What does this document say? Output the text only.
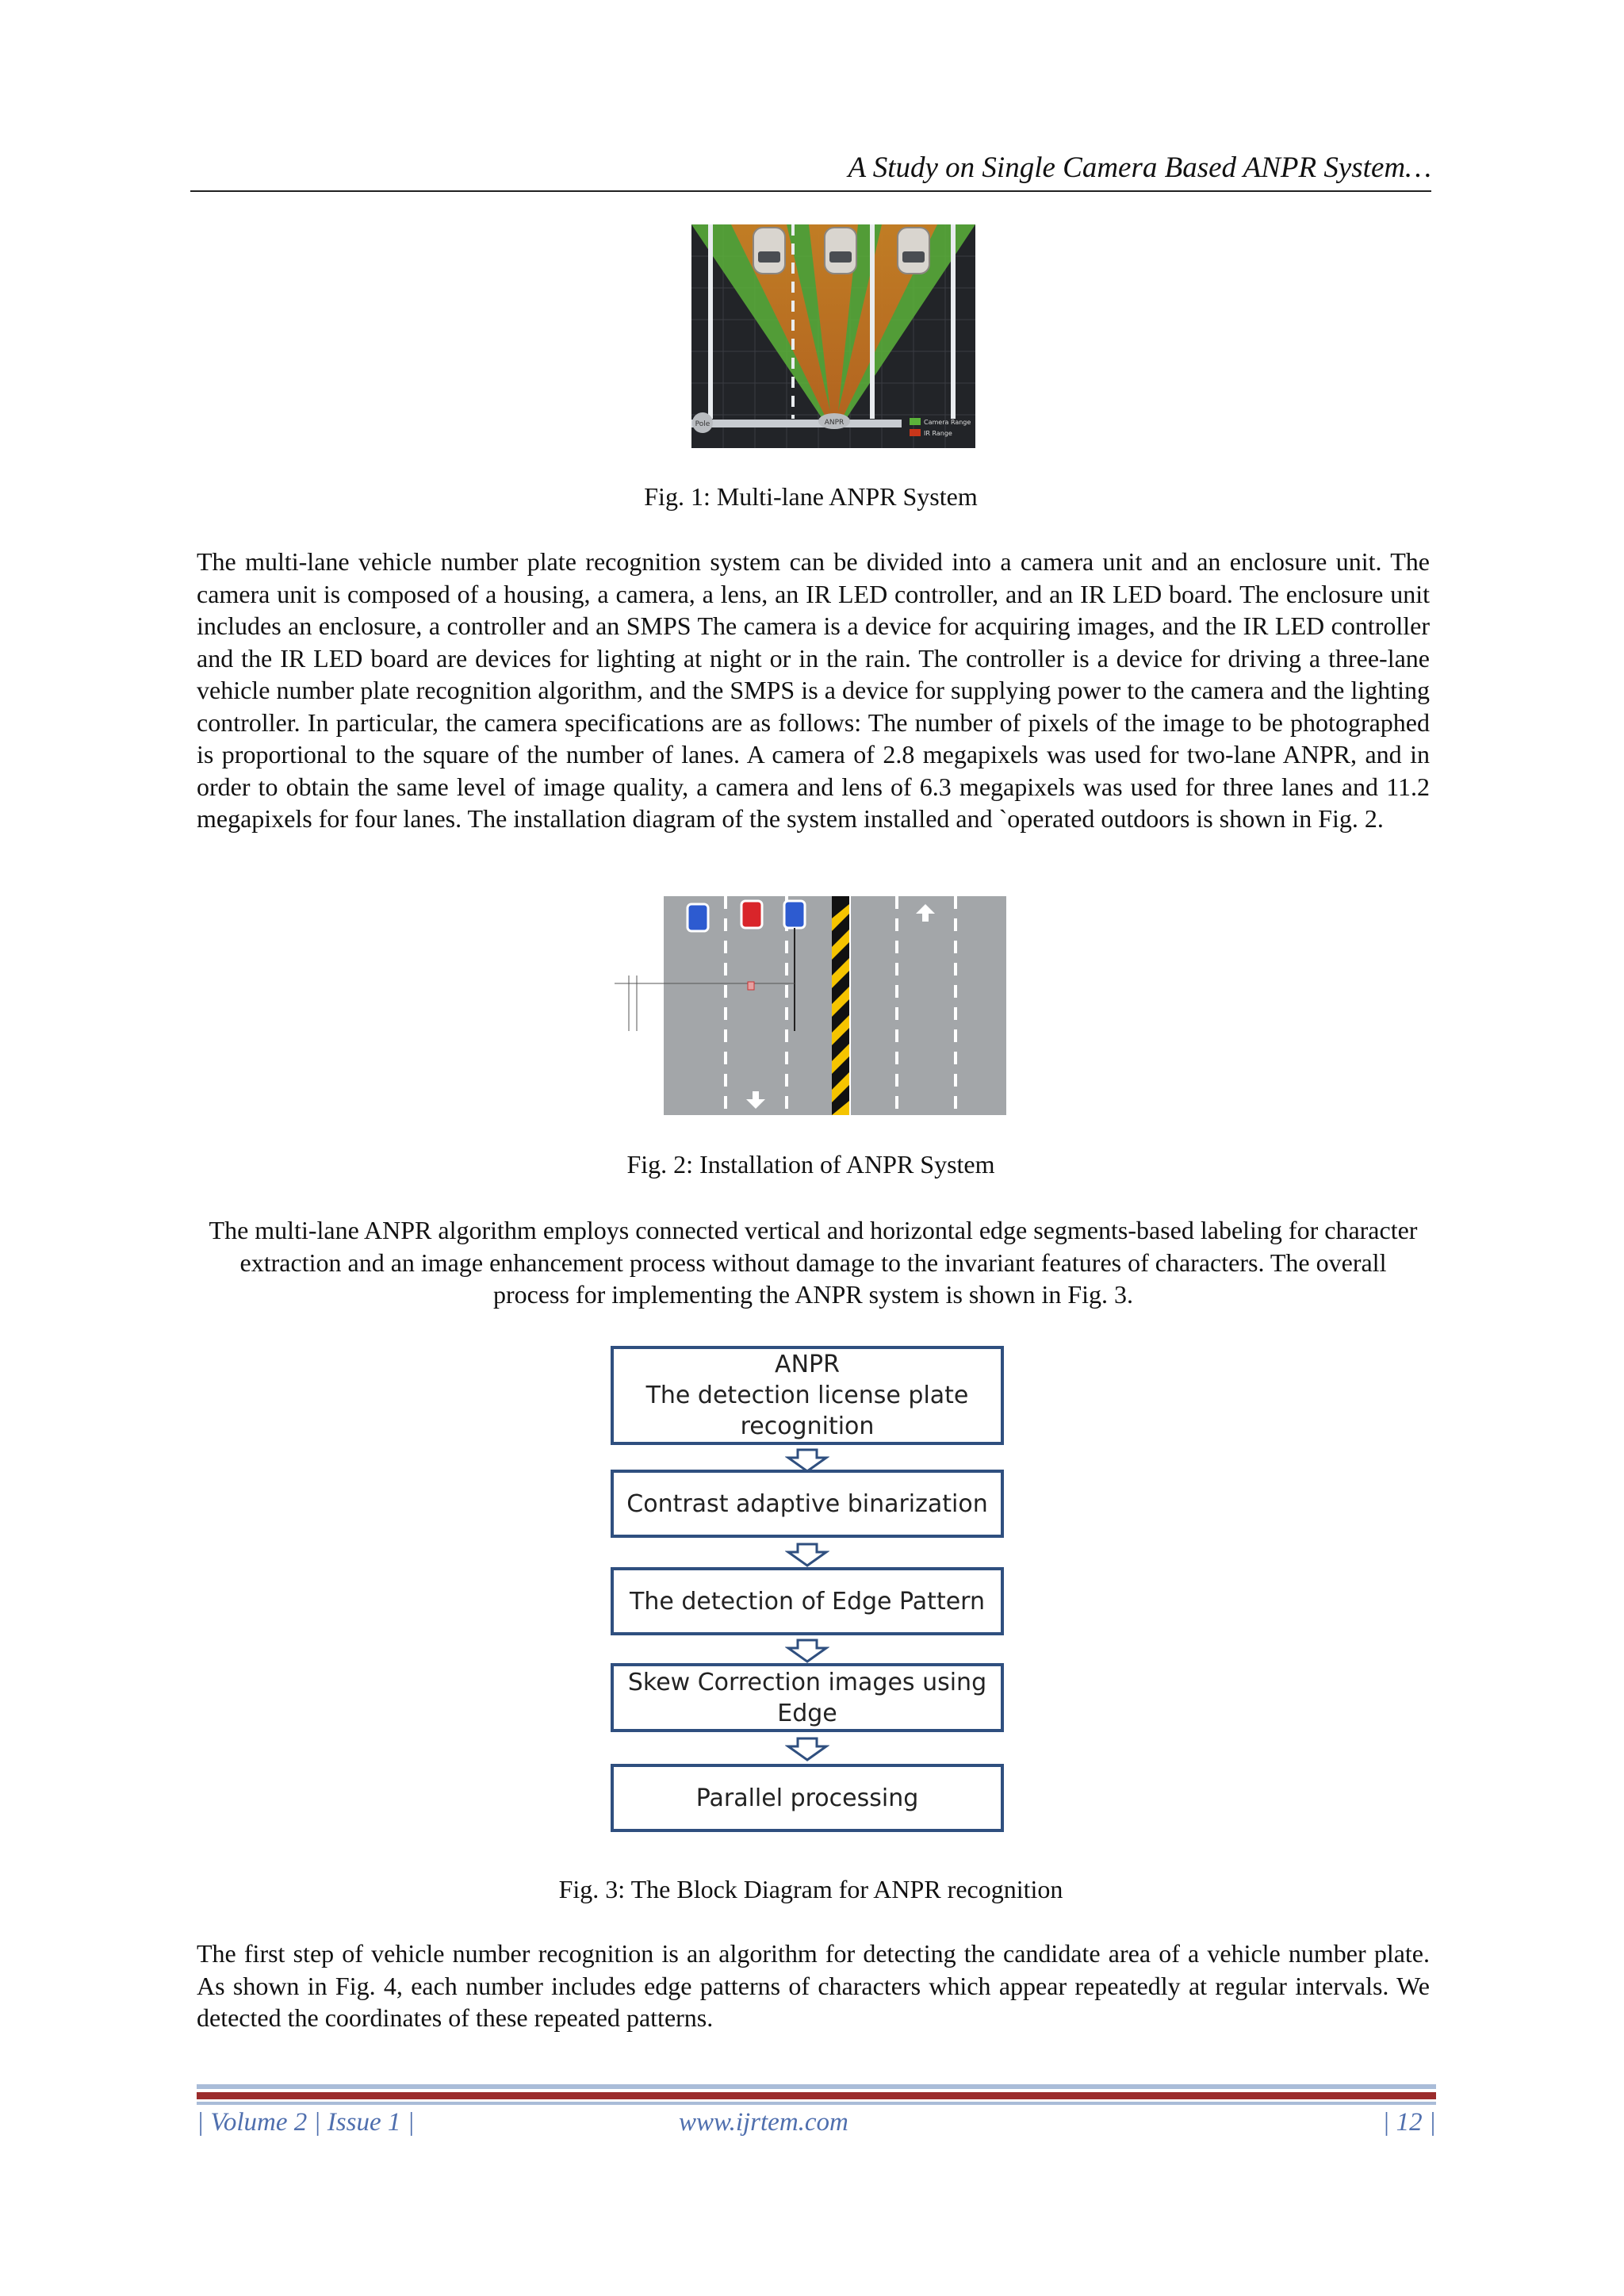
A Study on Single Camera Based ANPR System…
Pole	ANPR	Camera Range
IR Range
Fig. 1: Multi-lane ANPR System

The multi-lane vehicle number plate recognition system can be divided into a camera unit and an enclosure unit. The camera unit is composed of a housing, a camera, a lens, an IR LED controller, and an IR LED board. The enclosure unit includes an enclosure, a controller and an SMPS The camera is a device for acquiring images, and the IR LED controller and the IR LED board are devices for lighting at night or in the rain. The controller is a device for driving a three-lane vehicle number plate recognition algorithm, and the SMPS is a device for supplying power to the camera and the lighting controller. In particular, the camera specifications are as follows: The number of pixels of the image to be photographed is proportional to the square of the number of lanes. A camera of 2.8 megapixels was used for two-lane ANPR, and in order to obtain the same level of image quality, a camera and lens of 6.3 megapixels was used for three lanes and 11.2 megapixels for four lanes. The installation diagram of the system installed and `operated outdoors is shown in Fig. 2.

Fig. 2: Installation of ANPR System

The multi-lane ANPR algorithm employs connected vertical and horizontal edge segments-based labeling for character extraction and an image enhancement process without damage to the invariant features of characters. The overall process for implementing the ANPR system is shown in Fig. 3.

ANPR
The detection license plate
recognition
Contrast adaptive binarization
The detection of Edge Pattern
Skew Correction images using
Edge
Parallel processing
Fig. 3: The Block Diagram for ANPR recognition

The first step of vehicle number recognition is an algorithm for detecting the candidate area of a vehicle number plate. As shown in Fig. 4, each number includes edge patterns of characters which appear repeatedly at regular intervals. We detected the coordinates of these repeated patterns.

| Volume 2 | Issue 1 |	www.ijrtem.com	| 12 |
